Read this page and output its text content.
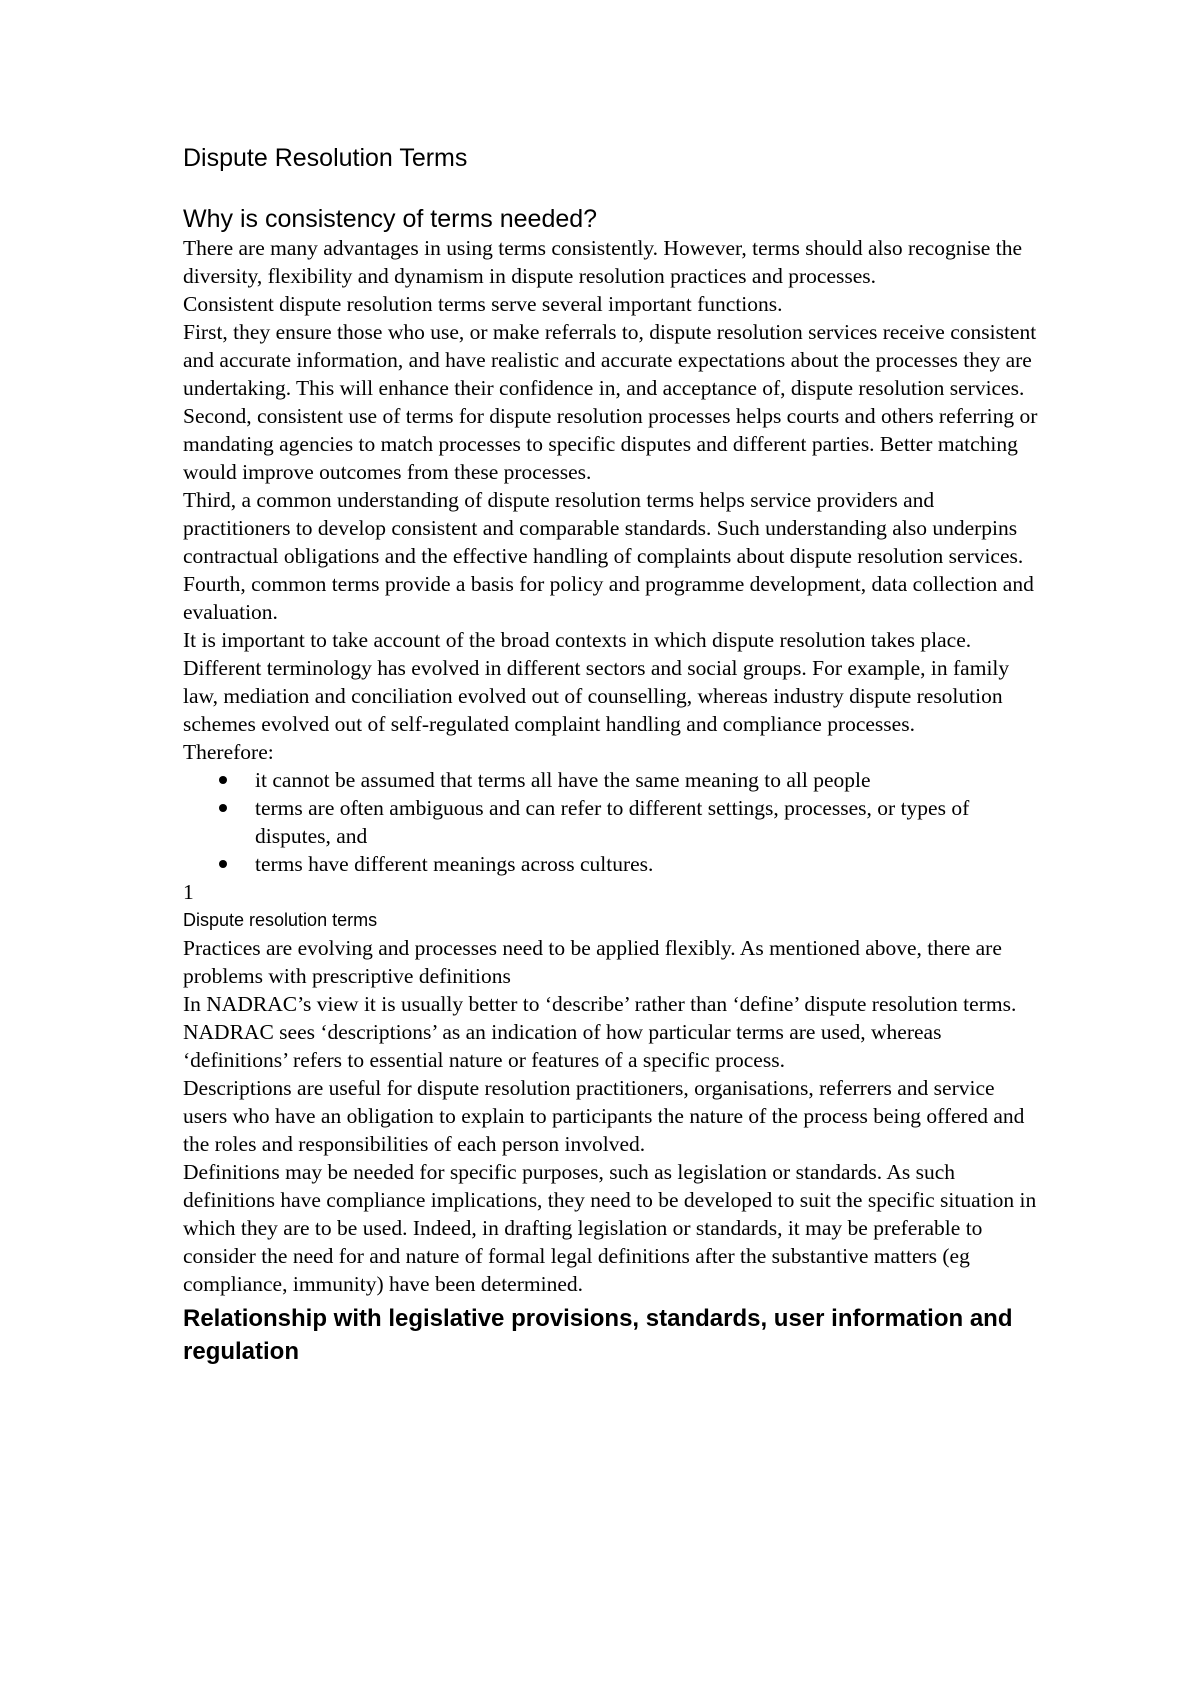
Dispute Resolution Terms
Why is consistency of terms needed?

There are many advantages in using terms consistently. However, terms should also recognise the diversity, flexibility and dynamism in dispute resolution practices and processes.

Consistent dispute resolution terms serve several important functions.

First, they ensure those who use, or make referrals to, dispute resolution services receive consistent and accurate information, and have realistic and accurate expectations about the processes they are undertaking. This will enhance their confidence in, and acceptance of, dispute resolution services.

Second, consistent use of terms for dispute resolution processes helps courts and others referring or mandating agencies to match processes to specific disputes and different parties. Better matching would improve outcomes from these processes.

Third, a common understanding of dispute resolution terms helps service providers and practitioners to develop consistent and comparable standards. Such understanding also underpins contractual obligations and the effective handling of complaints about dispute resolution services.

Fourth, common terms provide a basis for policy and programme development, data collection and evaluation.

It is important to take account of the broad contexts in which dispute resolution takes place. Different terminology has evolved in different sectors and social groups. For example, in family law, mediation and conciliation evolved out of counselling, whereas industry dispute resolution schemes evolved out of self-regulated complaint handling and compliance processes.

Therefore:

it cannot be assumed that terms all have the same meaning to all people
terms are often ambiguous and can refer to different settings, processes, or types of disputes, and
terms have different meanings across cultures.

1

Dispute resolution terms

Practices are evolving and processes need to be applied flexibly. As mentioned above, there are problems with prescriptive definitions

In NADRAC’s view it is usually better to ‘describe’ rather than ‘define’ dispute resolution terms. NADRAC sees ‘descriptions’ as an indication of how particular terms are used, whereas ‘definitions’ refers to essential nature or features of a specific process.

Descriptions are useful for dispute resolution practitioners, organisations, referrers and service users who have an obligation to explain to participants the nature of the process being offered and the roles and responsibilities of each person involved.

Definitions may be needed for specific purposes, such as legislation or standards. As such definitions have compliance implications, they need to be developed to suit the specific situation in which they are to be used. Indeed, in drafting legislation or standards, it may be preferable to consider the need for and nature of formal legal definitions after the substantive matters (eg compliance, immunity) have been determined.

Relationship with legislative provisions, standards, user information and regulation
